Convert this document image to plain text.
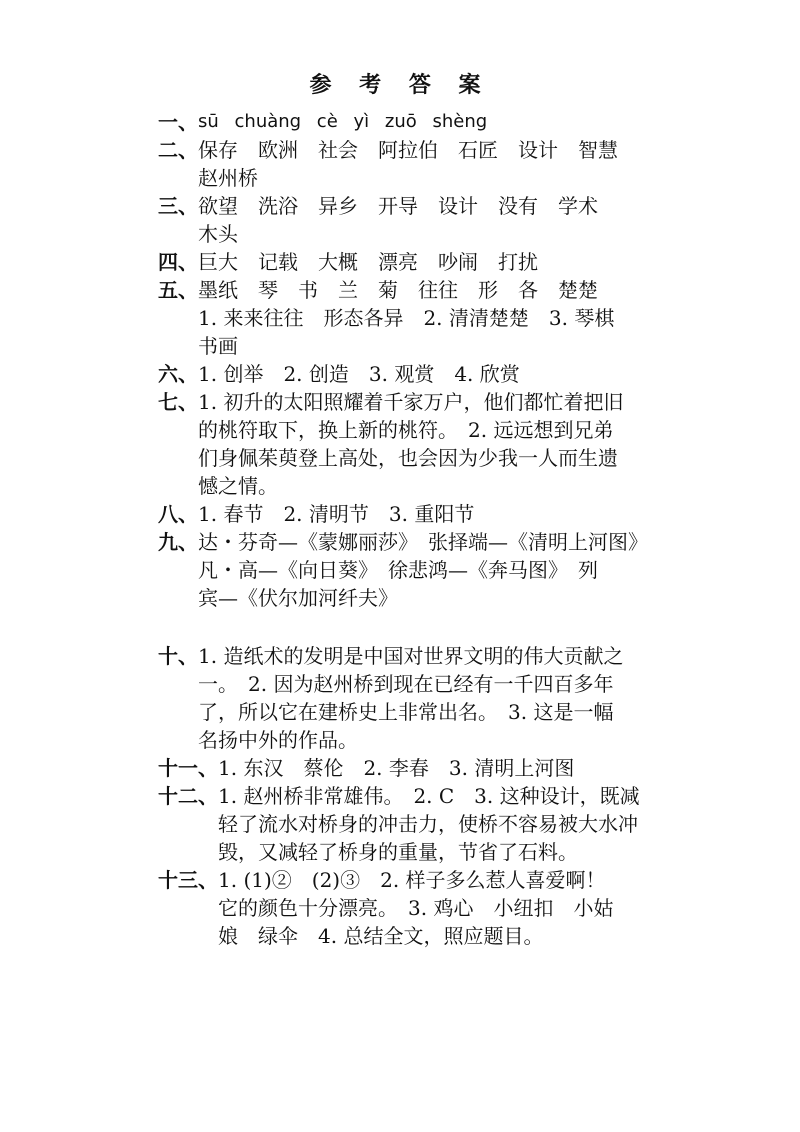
参 考 答 案
一、 sū chuàng cè yì zuō shèng
二、 保存　欧洲　社会　阿拉伯　石匠　设计　智慧
赵州桥
三、 欲望　洗浴　异乡　开导　设计　没有　学术
木头
四、 巨大　记载　大概　漂亮　吵闹　打扰
五、 墨纸　琴　书　兰　菊　往往　形　各　楚楚
1. 来来往往　形态各异　2. 清清楚楚　3. 琴棋
书画
六、 1. 创举　2. 创造　3. 观赏　4. 欣赏
七、 1. 初升的太阳照耀着千家万户，他们都忙着把旧
的桃符取下，换上新的桃符。　2. 远远想到兄弟
们身佩茱萸登上高处，也会因为少我一人而生遗
憾之情。
八、 1. 春节　2. 清明节　3. 重阳节
九、 达・芬奇—《蒙娜丽莎》　张择端—《清明上河图》
凡・高—《向日葵》　徐悲鸿—《奔马图》　列
宾—《伏尔加河纤夫》
十、 1. 造纸术的发明是中国对世界文明的伟大贡献之
一。　2. 因为赵州桥到现在已经有一千四百多年
了，所以它在建桥史上非常出名。　3. 这是一幅
名扬中外的作品。
十一、 1. 东汉　蔡伦　2. 李春　3. 清明上河图
十二、 1. 赵州桥非常雄伟。　2. C　3. 这种设计，既减
轻了流水对桥身的冲击力，使桥不容易被大水冲
毁，又减轻了桥身的重量，节省了石料。
十三、 1. (1)②　(2)③　2. 样子多么惹人喜爱啊！
它的颜色十分漂亮。　3. 鸡心　小纽扣　小姑
娘　绿伞　4. 总结全文，照应题目。
